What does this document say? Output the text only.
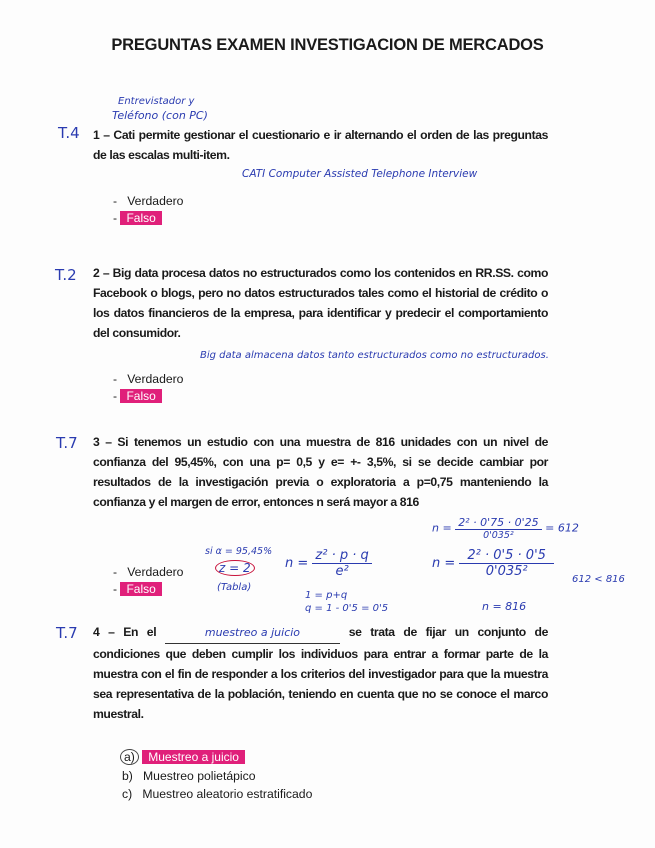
PREGUNTAS EXAMEN INVESTIGACION DE MERCADOS
Entrevistador y
Teléfono (con PC)
T.4 1 – Cati permite gestionar el cuestionario e ir alternando el orden de las preguntas de las escalas multi-item.
CATI Computer Assisted Telephone Interview
-   Verdadero
- Falso
T.2 2 – Big data procesa datos no estructurados como los contenidos en RR.SS. como Facebook o blogs, pero no datos estructurados tales como el historial de crédito o los datos financieros de la empresa, para identificar y predecir el comportamiento del consumidor.
Big data almacena datos tanto estructurados como no estructurados.
-   Verdadero
- Falso
T.7 3 – Si tenemos un estudio con una muestra de 816 unidades con un nivel de confianza del 95,45%, con una p= 0,5 y e= +- 3,5%, si se decide cambiar por resultados de la investigación previa o exploratoria a p=0,75 manteniendo la confianza y el margen de error, entonces n será mayor a 816
$n = \frac{\text{2² · 0'75 · 0'25}}{\text{0'035²}} = 612$
si α = 95,45%
z = 2
(Tabla)
$n = \frac{\text{z² · p · q}}{\text{e²}}$
1 = p+q
q = 1 - 0'5 = 0'5
$n = \frac{\text{2² · 0'5 · 0'5}}{\text{0'035²}}$
612 < 816
n = 816
-   Verdadero
- Falso
T.7 4 – En el	muestreo a juicio	se trata de fijar un conjunto de condiciones que deben cumplir los individuos para entrar a formar parte de la muestra con el fin de responder a los criterios del investigador para que la muestra sea representativa de la población, teniendo en cuenta que no se conoce el marco muestral.
a) Muestreo a juicio
b) Muestreo polietápico
c) Muestreo aleatorio estratificado
